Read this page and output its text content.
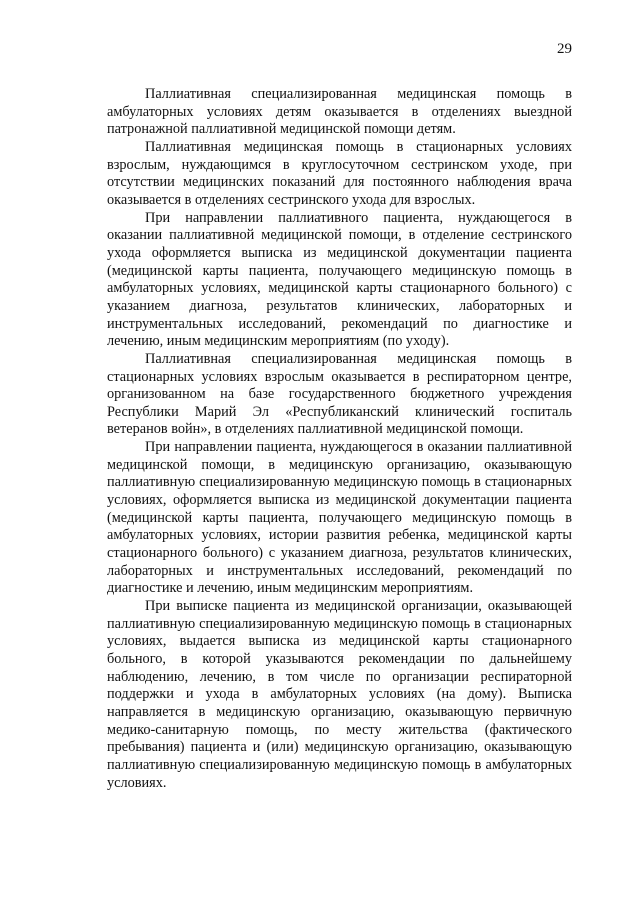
29

Паллиативная специализированная медицинская помощь в амбулаторных условиях детям оказывается в отделениях выездной патронажной паллиативной медицинской помощи детям.

Паллиативная медицинская помощь в стационарных условиях взрослым, нуждающимся в круглосуточном сестринском уходе, при отсутствии медицинских показаний для постоянного наблюдения врача оказывается в отделениях сестринского ухода для взрослых.

При направлении паллиативного пациента, нуждающегося в оказании паллиативной медицинской помощи, в отделение сестринского ухода оформляется выписка из медицинской документации пациента (медицинской карты пациента, получающего медицинскую помощь в амбулаторных условиях, медицинской карты стационарного больного) с указанием диагноза, результатов клинических, лабораторных и инструментальных исследований, рекомендаций по диагностике и лечению, иным медицинским мероприятиям (по уходу).

Паллиативная специализированная медицинская помощь в стационарных условиях взрослым оказывается в респираторном центре, организованном на базе государственного бюджетного учреждения Республики Марий Эл «Республиканский клинический госпиталь ветеранов войн», в отделениях паллиативной медицинской помощи.

При направлении пациента, нуждающегося в оказании паллиативной медицинской помощи, в медицинскую организацию, оказывающую паллиативную специализированную медицинскую помощь в стационарных условиях, оформляется выписка из медицинской документации пациента (медицинской карты пациента, получающего медицинскую помощь в амбулаторных условиях, истории развития ребенка, медицинской карты стационарного больного) с указанием диагноза, результатов клинических, лабораторных и инструментальных исследований, рекомендаций по диагностике и лечению, иным медицинским мероприятиям.

При выписке пациента из медицинской организации, оказывающей паллиативную специализированную медицинскую помощь в стационарных условиях, выдается выписка из медицинской карты стационарного больного, в которой указываются рекомендации по дальнейшему наблюдению, лечению, в том числе по организации респираторной поддержки и ухода в амбулаторных условиях (на дому). Выписка направляется в медицинскую организацию, оказывающую первичную медико-санитарную помощь, по месту жительства (фактического пребывания) пациента и (или) медицинскую организацию, оказывающую паллиативную специализированную медицинскую помощь в амбулаторных условиях.
